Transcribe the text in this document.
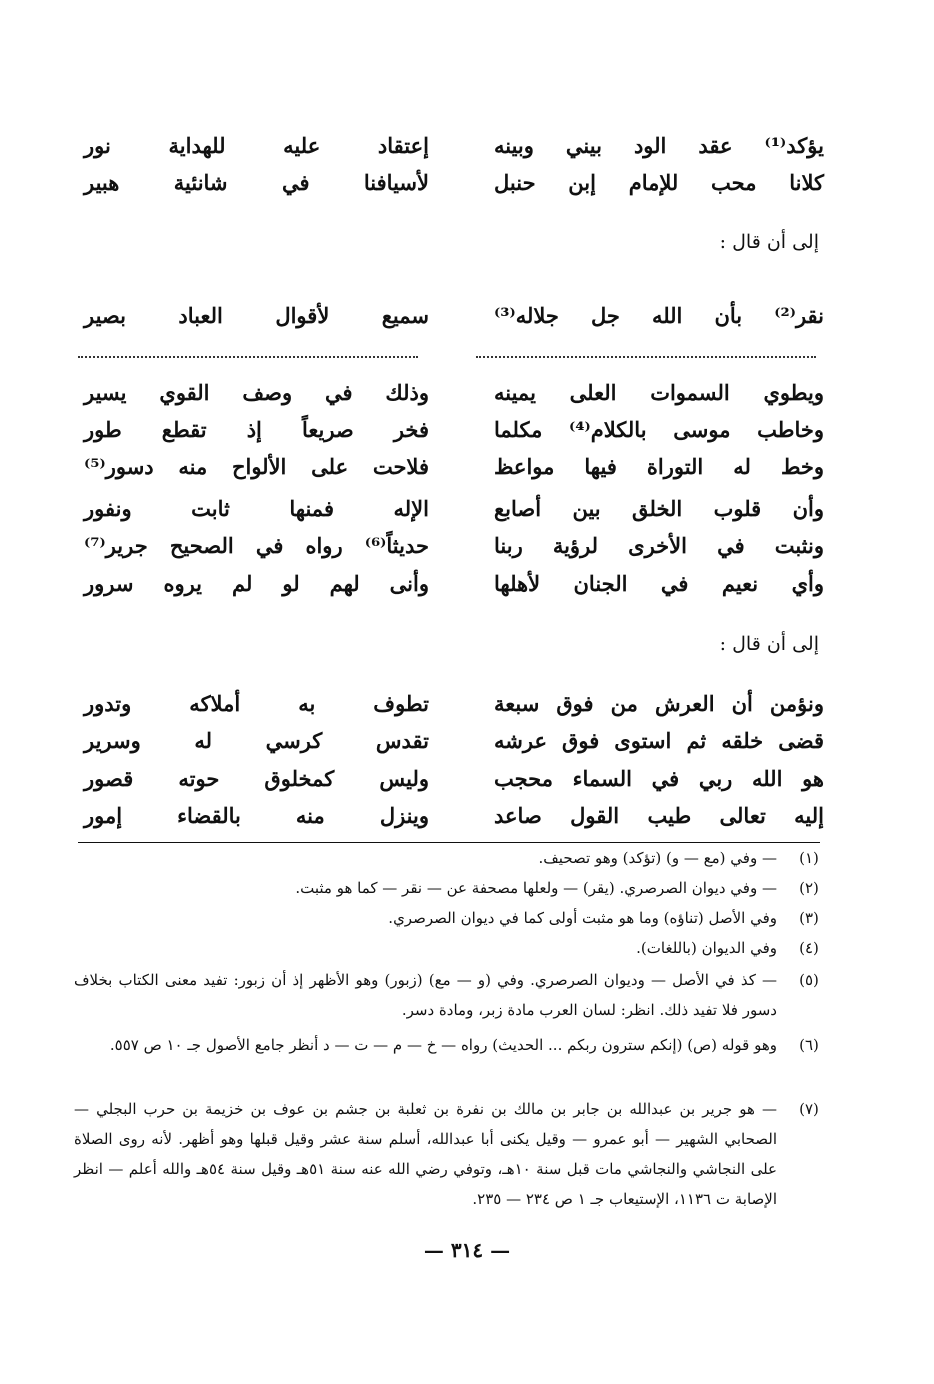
يؤكد⁽¹⁾ عقد الود بيني وبينه
إعتقاد عليه للهداية نور
كلانا محب للإمام إبن حنبل
لأسيافنا في شانئية هبير
إلى أن قال :
نقر⁽²⁾ بأن الله جل جلاله⁽³⁾
سميع لأقوال العباد بصير
ويطوي السموات العلى يمينه
وذلك في وصف القوي يسير
وخاطب موسى بالكلام⁽⁴⁾ مكلما
فخر صريعاً إذ تقطع طور
وخط له التوراة فيها مواعظ
فلاحت على الألواح منه دسور⁽⁵⁾
وأن قلوب الخلق بين أصابع
الإله فمنها ثابت ونفور
ونثبت في الأخرى لرؤية ربنا
حديثاً⁽⁶⁾ رواه في الصحيح جرير⁽⁷⁾
وأي نعيم في الجنان لأهلها
وأنى لهم لو لم يروه سرور
إلى أن قال :
ونؤمن أن العرش من فوق سبعة
تطوف به أملاكه وتدور
قضى خلقه ثم استوى فوق عرشه
تقدس كرسي له وسرير
هو الله ربي في السماء محجب
وليس كمخلوق حوته قصور
إليه تعالى طيب القول صاعد
وينزل منه بالقضاء إمور
(١)
— وفي (مع — و) (تؤكد) وهو تصحيف.
(٢)
— وفي ديوان الصرصري. (يقر) — ولعلها مصحفة عن — نقر — كما هو مثبت.
(٣)
وفي الأصل (تناؤه) وما هو مثبت أولى كما في ديوان الصرصري.
(٤)
وفي الديوان (باللغات).
(٥)
— كذ في الأصل — وديوان الصرصري. وفي (و — مع) (زبور) وهو الأظهر إذ أن زبور: تفيد معنى الكتاب بخلاف دسور فلا تفيد ذلك. انظر: لسان العرب مادة زبر، ومادة دسر.
(٦)
وهو قوله (ص) (إنكم سترون ربكم ... الحديث) رواه — خ — م — ت — د أنظر جامع الأصول جـ ١٠ ص ٥٥٧.
(٧)
— هو جرير بن عبدالله بن جابر بن مالك بن نفرة بن ثعلبة بن جشم بن عوف بن خزيمة بن حرب البجلي — الصحابي الشهير — أبو عمرو — وقيل يكنى أبا عبدالله، أسلم سنة عشر وقيل قبلها وهو أظهر. لأنه روى الصلاة على النجاشي والنجاشي مات قبل سنة ١٠هـ، وتوفي رضي الله عنه سنة ٥١هـ وقيل سنة ٥٤هـ والله أعلم — انظر الإصابة ت ١١٣٦، الإستيعاب جـ ١ ص ٢٣٤ — ٢٣٥.
— ٣١٤ —
